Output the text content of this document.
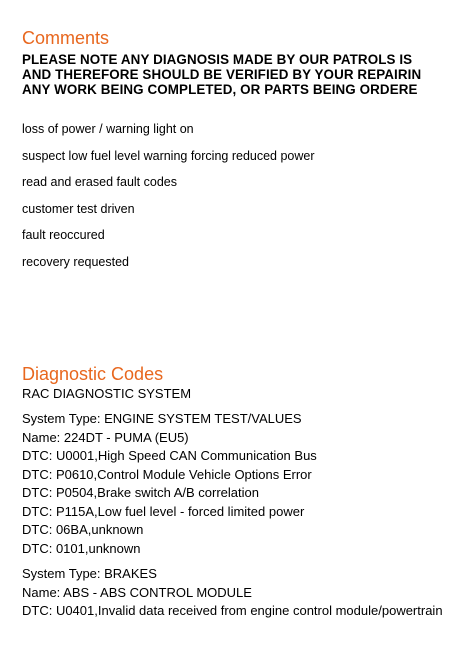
Comments
PLEASE NOTE ANY DIAGNOSIS MADE BY OUR PATROLS IS
AND THEREFORE SHOULD BE VERIFIED BY YOUR REPAIRIN
ANY WORK BEING COMPLETED, OR PARTS BEING ORDERE
loss of power / warning light on
suspect low fuel level warning forcing reduced power
read and erased fault codes
customer test driven
fault reoccured
recovery requested
Diagnostic Codes
RAC DIAGNOSTIC SYSTEM
System Type: ENGINE SYSTEM TEST/VALUES
Name: 224DT - PUMA (EU5)
DTC: U0001,High Speed CAN Communication Bus
DTC: P0610,Control Module Vehicle Options Error
DTC: P0504,Brake switch A/B correlation
DTC: P115A,Low fuel level - forced limited power
DTC: 06BA,unknown
DTC: 0101,unknown
System Type: BRAKES
Name: ABS - ABS CONTROL MODULE
DTC: U0401,Invalid data received from engine control module/powertrain
